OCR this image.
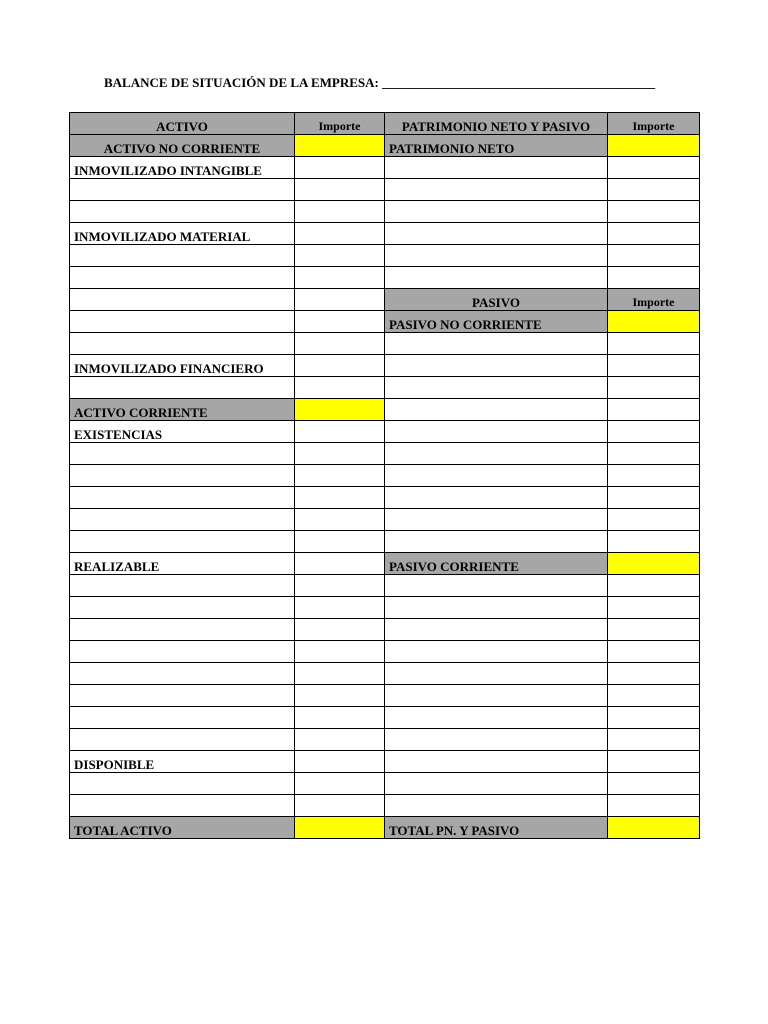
BALANCE DE SITUACIÓN DE LA EMPRESA: __________________________________________
ACTIVO	Importe	PATRIMONIO NETO Y PASIVO	Importe
ACTIVO NO CORRIENTE		PATRIMONIO NETO	
INMOVILIZADO INTANGIBLE			

INMOVILIZADO MATERIAL			

		PASIVO	Importe
		PASIVO NO CORRIENTE	

INMOVILIZADO FINANCIERO			

ACTIVO CORRIENTE			
EXISTENCIAS			

REALIZABLE		PASIVO CORRIENTE	

DISPONIBLE			

TOTAL ACTIVO		TOTAL PN. Y PASIVO	
